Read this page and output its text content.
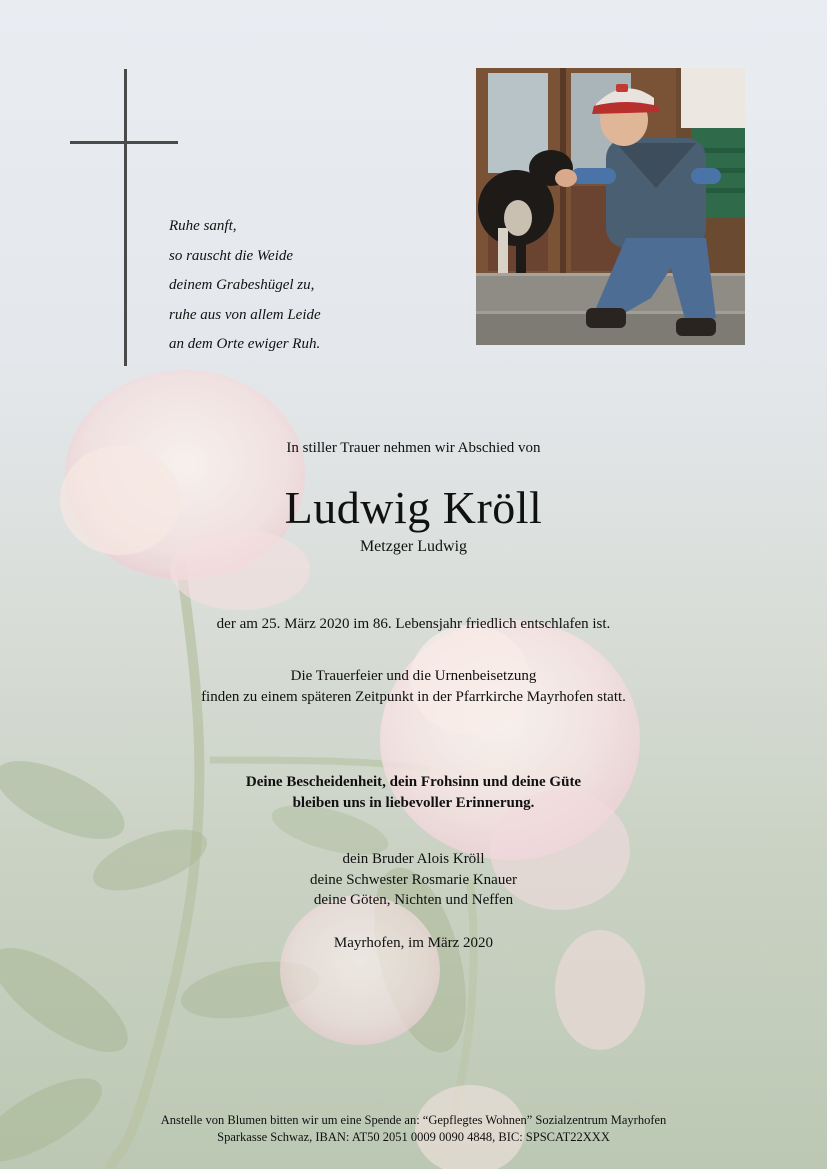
Ruhe sanft,
so rauscht die Weide
deinem Grabeshügel zu,
ruhe aus von allem Leide
an dem Orte ewiger Ruh.
In stiller Trauer nehmen wir Abschied von
Ludwig Kröll
Metzger Ludwig
der am 25. März 2020 im 86. Lebensjahr friedlich entschlafen ist.
Die Trauerfeier und die Urnenbeisetzung
finden zu einem späteren Zeitpunkt in der Pfarrkirche Mayrhofen statt.
Deine Bescheidenheit, dein Frohsinn und deine Güte
bleiben uns in liebevoller Erinnerung.
dein Bruder Alois Kröll
deine Schwester Rosmarie Knauer
deine Göten, Nichten und Neffen
Mayrhofen, im März 2020
Anstelle von Blumen bitten wir um eine Spende an: “Gepflegtes Wohnen” Sozialzentrum Mayrhofen
Sparkasse Schwaz, IBAN: AT50 2051 0009 0090 4848, BIC: SPSCAT22XXX
